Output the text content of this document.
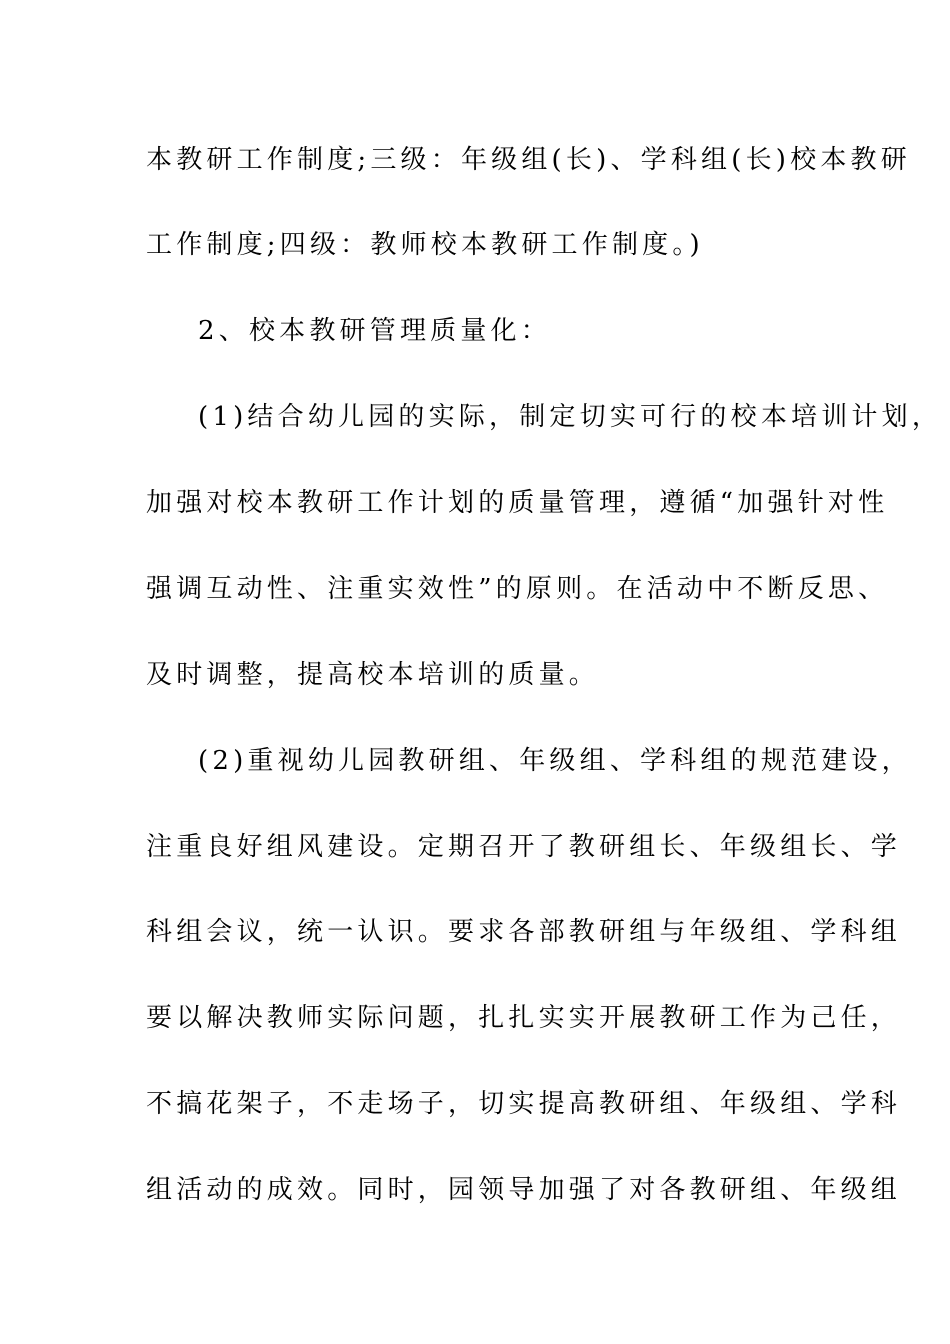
本教研工作制度;三级：年级组(长)、学科组(长)校本教研
工作制度;四级：教师校本教研工作制度。)
2、校本教研管理质量化：
(1)结合幼儿园的实际，制定切实可行的校本培训计划，
加强对校本教研工作计划的质量管理，遵循“加强针对性
强调互动性、注重实效性”的原则。在活动中不断反思、
及时调整，提高校本培训的质量。
(2)重视幼儿园教研组、年级组、学科组的规范建设，
注重良好组风建设。定期召开了教研组长、年级组长、学
科组会议，统一认识。要求各部教研组与年级组、学科组
要以解决教师实际问题，扎扎实实开展教研工作为己任，
不搞花架子，不走场子，切实提高教研组、年级组、学科
组活动的成效。同时，园领导加强了对各教研组、年级组
